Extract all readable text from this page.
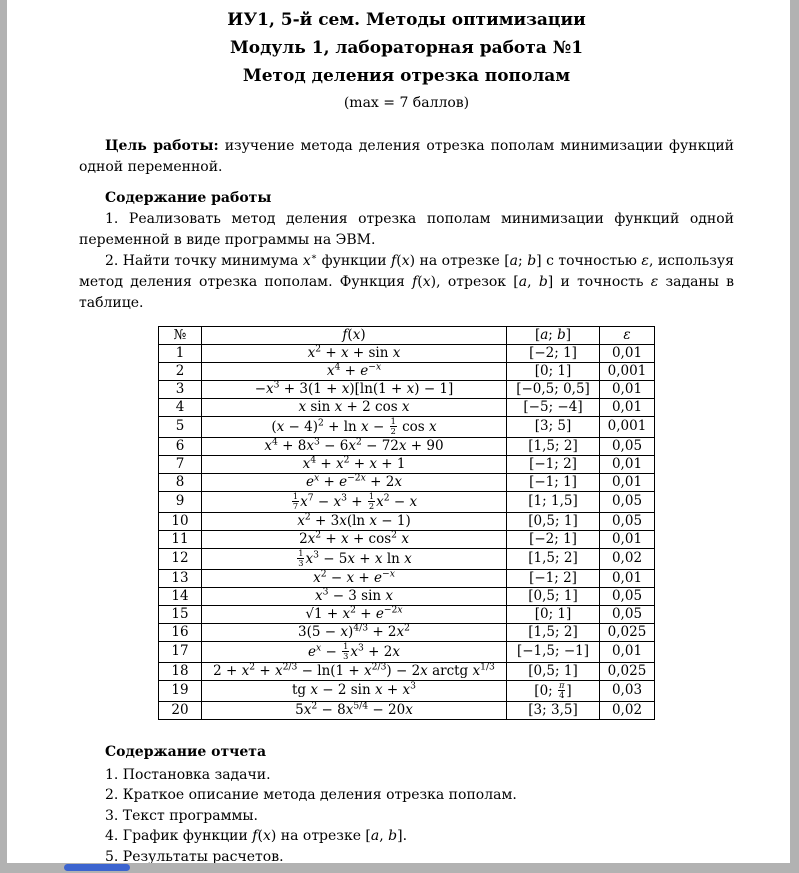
ИУ1, 5-й сем. Методы оптимизации
Модуль 1, лабораторная работа №1
Метод деления отрезка пополам
(max = 7 баллов)

Цель работы: изучение метода деления отрезка пополам минимизации функций одной переменной.

Содержание работы

1. Реализовать метод деления отрезка пополам минимизации функций одной переменной в виде программы на ЭВМ.

2. Найти точку минимума x∗ функции f(x) на отрезке [a; b] с точностью ε, используя метод деления отрезка пополам. Функция f(x), отрезок [a, b] и точность ε заданы в таблице.

№	f(x)	[a; b]	ε
1	$x^2 + x + \sin x$	[−2; 1]	0,01
2	$x^4 + e^{-x}$	[0; 1]	0,001
3	$-x^3 + 3(1 + x)[\ln(1 + x) - 1]$	[−0,5; 0,5]	0,01
4	x sin x + 2 cos x	[−5; −4]	0,01
5	$(x - 4)^2 + \ln x - \frac{1}{2}$ cos x	[3; 5]	0,001
6	$x^4 + 8x^3 - 6x^2 - 72x + 90$	[1,5; 2]	0,05
7	$x^4 + x^2 + x + 1$	[−1; 2]	0,01
8	$e^x + e^{-2x} + 2x$	[−1; 1]	0,01
9	$\frac{1}{7} x^7 - x^3 + \frac{1}{2} x^2 - x$	[1; 1,5]	0,05
10	$x^2 + 3x(\ln$ x − 1)	[0,5; 1]	0,05
11	$2x^2 + x + \cos^2 x$	[−2; 1]	0,01
12	$\frac{1}{3} x^3 - 5x + x$ ln x	[1,5; 2]	0,02
13	$x^2 - x + e^{-x}$	[−1; 2]	0,01
14	$x^3 - 3$ sin x	[0,5; 1]	0,05
15	$√1 + x^2 + e^{-2x}$	[0; 1]	0,05
16	$3(5 - x)^{4/3} + 2x^2$	[1,5; 2]	0,025
17	$e^x - \frac{1}{3} x^3 + 2x$	[−1,5; −1]	0,01
18	$2 + x^2 + x^{2/3} - \ln(1 + x^{2/3}) - 2x$ arctg $x^{1/3}$	[0,5; 1]	0,025
19	tg x − 2 $\sin x + x^3$	[0; $\frac{\pi}{4}$ ]	0,03
20	$5x^2 - 8x^{5/4} - 20x$	[3; 3,5]	0,02
Содержание отчета
1. Постановка задачи.
2. Краткое описание метода деления отрезка пополам.
3. Текст программы.
4. График функции f(x) на отрезке [a, b].
5. Результаты расчетов.
